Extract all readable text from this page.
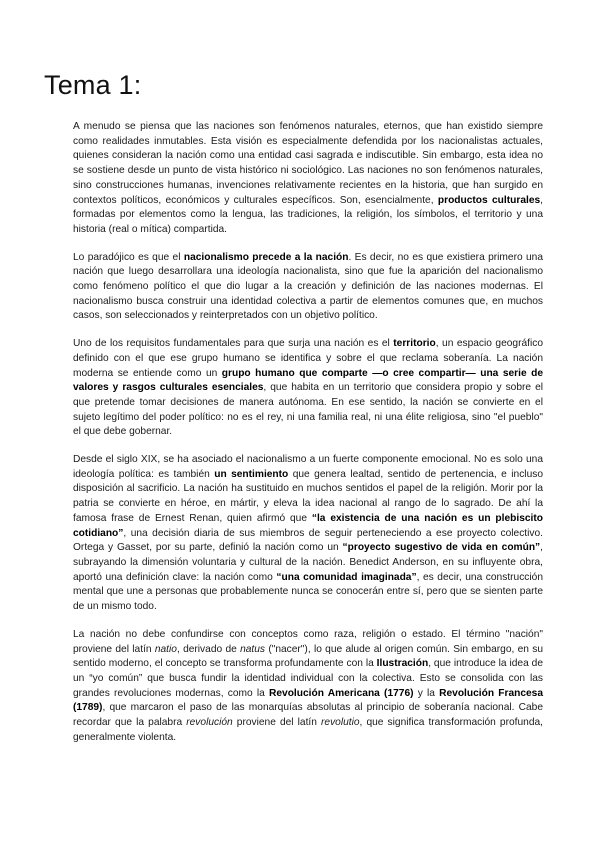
Tema 1:

A menudo se piensa que las naciones son fenómenos naturales, eternos, que han existido siempre como realidades inmutables. Esta visión es especialmente defendida por los nacionalistas actuales, quienes consideran la nación como una entidad casi sagrada e indiscutible. Sin embargo, esta idea no se sostiene desde un punto de vista histórico ni sociológico. Las naciones no son fenómenos naturales, sino construcciones humanas, invenciones relativamente recientes en la historia, que han surgido en contextos políticos, económicos y culturales específicos. Son, esencialmente, productos culturales, formadas por elementos como la lengua, las tradiciones, la religión, los símbolos, el territorio y una historia (real o mítica) compartida.

Lo paradójico es que el nacionalismo precede a la nación. Es decir, no es que existiera primero una nación que luego desarrollara una ideología nacionalista, sino que fue la aparición del nacionalismo como fenómeno político el que dio lugar a la creación y definición de las naciones modernas. El nacionalismo busca construir una identidad colectiva a partir de elementos comunes que, en muchos casos, son seleccionados y reinterpretados con un objetivo político.

Uno de los requisitos fundamentales para que surja una nación es el territorio, un espacio geográfico definido con el que ese grupo humano se identifica y sobre el que reclama soberanía. La nación moderna se entiende como un grupo humano que comparte —o cree compartir— una serie de valores y rasgos culturales esenciales, que habita en un territorio que considera propio y sobre el que pretende tomar decisiones de manera autónoma. En ese sentido, la nación se convierte en el sujeto legítimo del poder político: no es el rey, ni una familia real, ni una élite religiosa, sino "el pueblo" el que debe gobernar.

Desde el siglo XIX, se ha asociado el nacionalismo a un fuerte componente emocional. No es solo una ideología política: es también un sentimiento que genera lealtad, sentido de pertenencia, e incluso disposición al sacrificio. La nación ha sustituido en muchos sentidos el papel de la religión. Morir por la patria se convierte en héroe, en mártir, y eleva la idea nacional al rango de lo sagrado. De ahí la famosa frase de Ernest Renan, quien afirmó que “la existencia de una nación es un plebiscito cotidiano”, una decisión diaria de sus miembros de seguir perteneciendo a ese proyecto colectivo. Ortega y Gasset, por su parte, definió la nación como un “proyecto sugestivo de vida en común”, subrayando la dimensión voluntaria y cultural de la nación. Benedict Anderson, en su influyente obra, aportó una definición clave: la nación como “una comunidad imaginada”, es decir, una construcción mental que une a personas que probablemente nunca se conocerán entre sí, pero que se sienten parte de un mismo todo.

La nación no debe confundirse con conceptos como raza, religión o estado. El término "nación" proviene del latín natio, derivado de natus ("nacer"), lo que alude al origen común. Sin embargo, en su sentido moderno, el concepto se transforma profundamente con la Ilustración, que introduce la idea de un “yo común” que busca fundir la identidad individual con la colectiva. Esto se consolida con las grandes revoluciones modernas, como la Revolución Americana (1776) y la Revolución Francesa (1789), que marcaron el paso de las monarquías absolutas al principio de soberanía nacional. Cabe recordar que la palabra revolución proviene del latín revolutio, que significa transformación profunda, generalmente violenta.
